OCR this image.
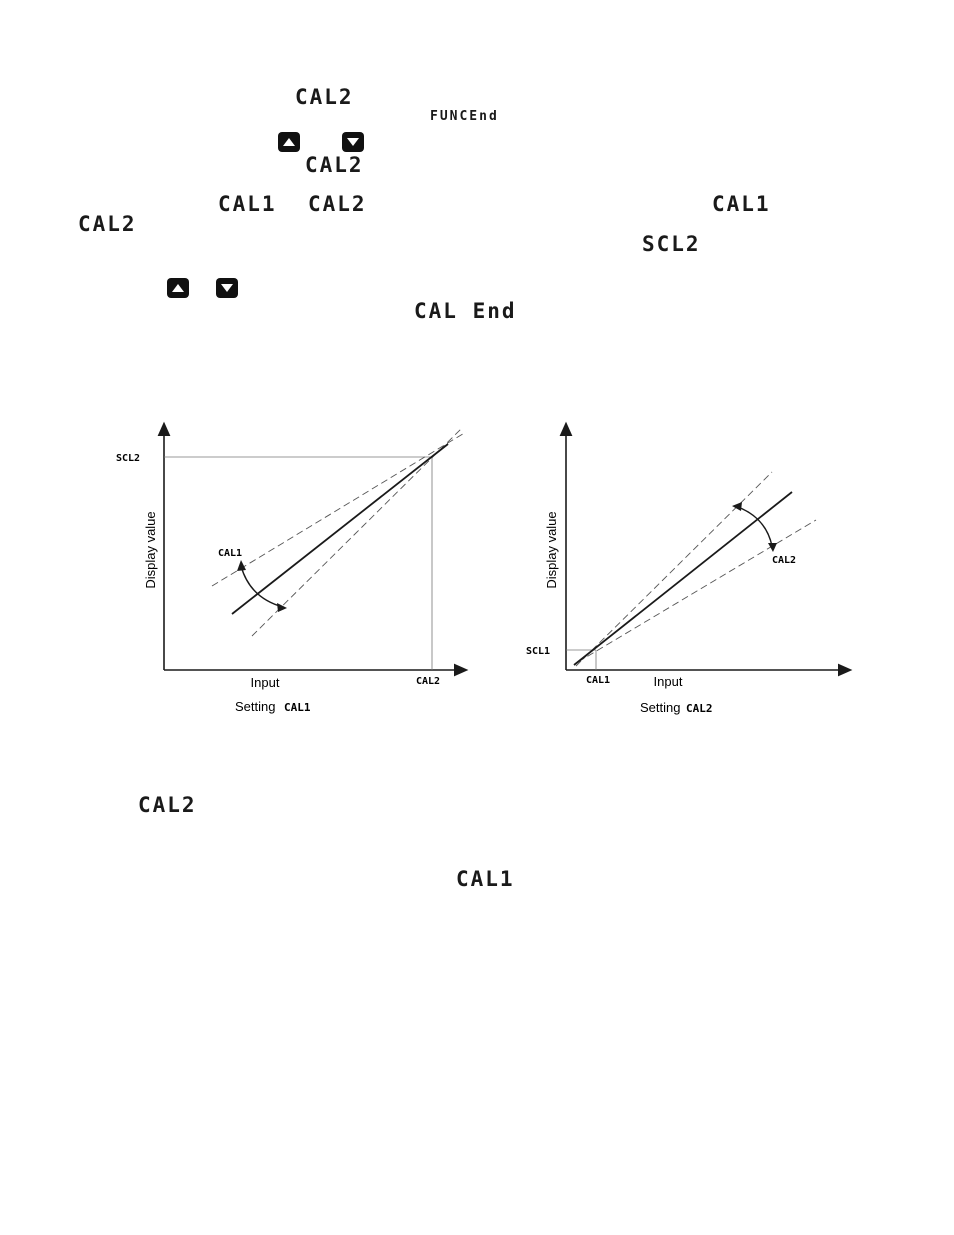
CAL2
FUNCEnd
CAL2
CAL1 CAL2	CAL1
CAL2
SCL2
CAL End
SCL2
CAL1
CAL2
Display value
Input
Setting CAL1
SCL1
CAL1
CAL2
Display value
Input
Setting CAL2
CAL2
CAL1
